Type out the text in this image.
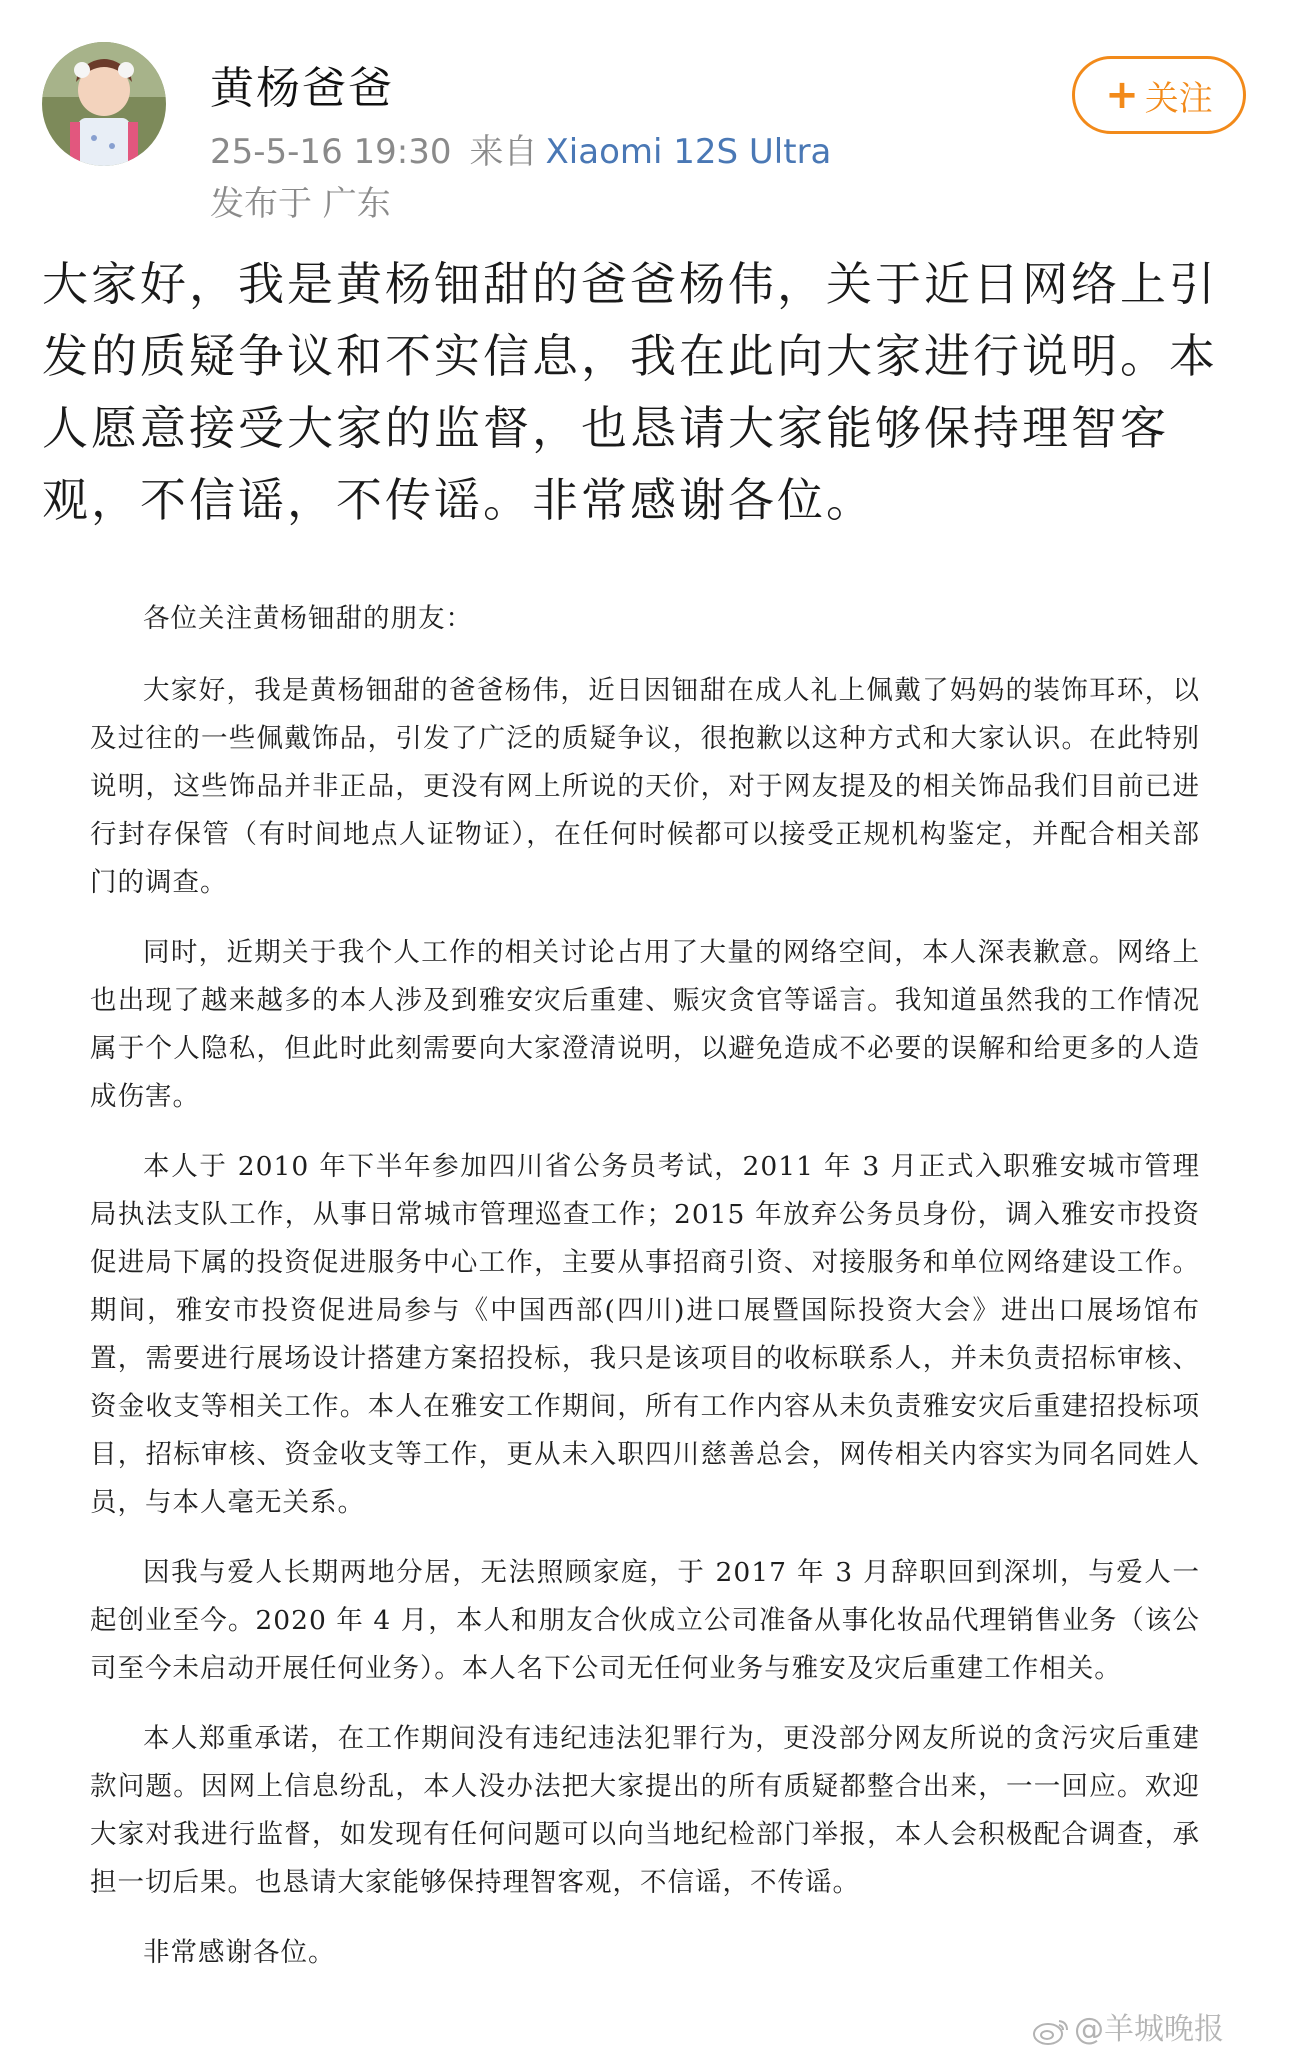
黄杨爸爸
25-5-16 19:30 来自 Xiaomi 12S Ultra
发布于 广东
+ 关注

大家好，我是黄杨钿甜的爸爸杨伟，关于近日网络上引发的质疑争议和不实信息，我在此向大家进行说明。本人愿意接受大家的监督，也恳请大家能够保持理智客观，不信谣，不传谣。非常感谢各位。

各位关注黄杨钿甜的朋友：

大家好，我是黄杨钿甜的爸爸杨伟，近日因钿甜在成人礼上佩戴了妈妈的装饰耳环，以及过往的一些佩戴饰品，引发了广泛的质疑争议，很抱歉以这种方式和大家认识。在此特别说明，这些饰品并非正品，更没有网上所说的天价，对于网友提及的相关饰品我们目前已进行封存保管（有时间地点人证物证），在任何时候都可以接受正规机构鉴定，并配合相关部门的调查。

同时，近期关于我个人工作的相关讨论占用了大量的网络空间，本人深表歉意。网络上也出现了越来越多的本人涉及到雅安灾后重建、赈灾贪官等谣言。我知道虽然我的工作情况属于个人隐私，但此时此刻需要向大家澄清说明，以避免造成不必要的误解和给更多的人造成伤害。

本人于 2010 年下半年参加四川省公务员考试，2011 年 3 月正式入职雅安城市管理局执法支队工作，从事日常城市管理巡查工作；2015 年放弃公务员身份，调入雅安市投资促进局下属的投资促进服务中心工作，主要从事招商引资、对接服务和单位网络建设工作。期间，雅安市投资促进局参与《中国西部(四川)进口展暨国际投资大会》进出口展场馆布置，需要进行展场设计搭建方案招投标，我只是该项目的收标联系人，并未负责招标审核、资金收支等相关工作。本人在雅安工作期间，所有工作内容从未负责雅安灾后重建招投标项目，招标审核、资金收支等工作，更从未入职四川慈善总会，网传相关内容实为同名同姓人员，与本人毫无关系。

因我与爱人长期两地分居，无法照顾家庭，于 2017 年 3 月辞职回到深圳，与爱人一起创业至今。2020 年 4 月，本人和朋友合伙成立公司准备从事化妆品代理销售业务（该公司至今未启动开展任何业务）。本人名下公司无任何业务与雅安及灾后重建工作相关。

本人郑重承诺，在工作期间没有违纪违法犯罪行为，更没部分网友所说的贪污灾后重建款问题。因网上信息纷乱，本人没办法把大家提出的所有质疑都整合出来，一一回应。欢迎大家对我进行监督，如发现有任何问题可以向当地纪检部门举报，本人会积极配合调查，承担一切后果。也恳请大家能够保持理智客观，不信谣，不传谣。

非常感谢各位。

@羊城晚报
